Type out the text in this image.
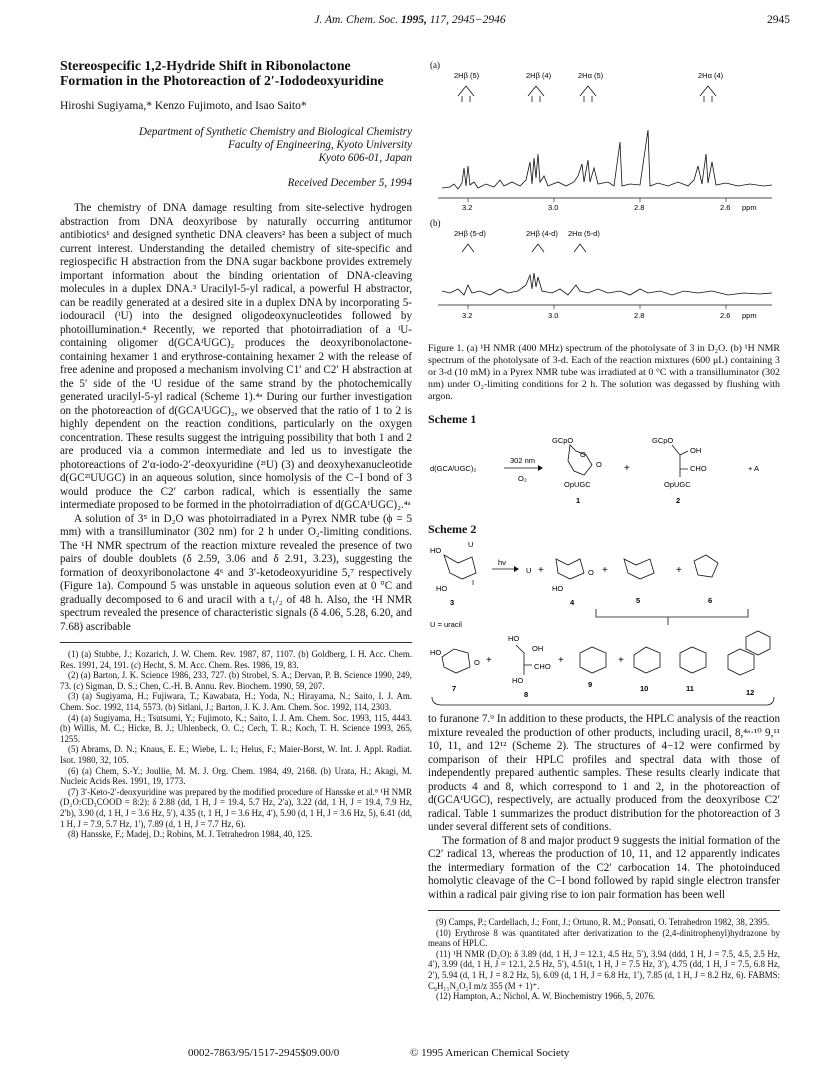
J. Am. Chem. Soc. 1995, 117, 2945−2946	2945
Stereospecific 1,2-Hydride Shift in Ribonolactone Formation in the Photoreaction of 2′-Iododeoxyuridine

Hiroshi Sugiyama,* Kenzo Fujimoto, and Isao Saito*

Department of Synthetic Chemistry and Biological Chemistry
Faculty of Engineering, Kyoto University
Kyoto 606-01, Japan

Received December 5, 1994

The chemistry of DNA damage resulting from site-selective hydrogen abstraction from DNA deoxyribose by naturally occurring antitumor antibiotics¹ and designed synthetic DNA cleavers² has been a subject of much current interest. Understanding the detailed chemistry of site-specific and regiospecific H abstraction from the DNA sugar backbone provides extremely important information about the binding orientation of DNA-cleaving molecules in a duplex DNA.³ Uracilyl-5-yl radical, a powerful H abstractor, can be readily generated at a desired site in a duplex DNA by incorporating 5-iodouracil (ᴵU) into the designed oligodeoxynucleotides followed by photoillumination.⁴ Recently, we reported that photoirradiation of a ᴵU-containing oligomer d(GCAᴵUGC)₂ produces the deoxyribonolactone-containing hexamer 1 and erythrose-containing hexamer 2 with the release of free adenine and proposed a mechanism involving C1′ and C2′ H abstraction at the 5′ side of the ᴵU residue of the same strand by the photochemically generated uracilyl-5-yl radical (Scheme 1).⁴ᵃ During our further investigation on the photoreaction of d(GCAᴵUGC)₂, we observed that the ratio of 1 to 2 is highly dependent on the reaction conditions, particularly on the oxygen concentration. These results suggest the intriguing possibility that both 1 and 2 are produced via a common intermediate and led us to investigate the photoreactions of 2′α-iodo-2′-deoxyuridine (²ᴵU) (3) and deoxyhexanucleotide d(GC²ᴵUUGC) in an aqueous solution, since homolysis of the C−I bond of 3 would produce the C2′ carbon radical, which is essentially the same intermediate proposed to be formed in the photoirradiation of d(GCAᴵUGC)₂.⁴ᵃ

A solution of 3⁵ in D₂O was photoirradiated in a Pyrex NMR tube (ϕ = 5 mm) with a transilluminator (302 nm) for 2 h under O₂-limiting conditions. The ¹H NMR spectrum of the reaction mixture revealed the presence of two pairs of double doublets (δ 2.59, 3.06 and δ 2.91, 3.23), suggesting the formation of deoxyribonolactone 4⁶ and 3′-ketodeoxyuridine 5,⁷ respectively (Figure 1a). Compound 5 was unstable in aqueous solution even at 0 °C and gradually decomposed to 6 and uracil with a t₁/₂ of 48 h. Also, the ¹H NMR spectrum revealed the presence of characteristic signals (δ 4.06, 5.28, 6.20, and 7.68) ascribable

(1) (a) Stubbe, J.; Kozarich, J. W. Chem. Rev. 1987, 87, 1107. (b) Goldberg, I. H. Acc. Chem. Res. 1991, 24, 191. (c) Hecht, S. M. Acc. Chem. Res. 1986, 19, 83.

(2) (a) Barton, J. K. Science 1986, 233, 727. (b) Strobel, S. A.; Dervan, P. B. Science 1990, 249, 73. (c) Sigman, D. S.; Chen, C.-H. B. Annu. Rev. Biochem. 1990, 59, 207.

(3) (a) Sugiyama, H.; Fujiwara, T.; Kawabata, H.; Yoda, N.; Hirayama, N.; Saito, I. J. Am. Chem. Soc. 1992, 114, 5573. (b) Sitlani, J.; Barton, J. K. J. Am. Chem. Soc. 1992, 114, 2303.

(4) (a) Sugiyama, H.; Tsutsumi, Y.; Fujimoto, K.; Saito, I. J. Am. Chem. Soc. 1993, 115, 4443. (b) Willis, M. C.; Hicke, B. J.; Uhlenbeck, O. C.; Cech, T. R.; Koch, T. H. Science 1993, 265, 1255.

(5) Abrams, D. N.; Knaus, E. E.; Wiebe, L. I.; Helus, F.; Maier-Borst, W. Int. J. Appl. Radiat. Isot. 1980, 32, 105.

(6) (a) Chem, S.-Y.; Joullie, M. M. J. Org. Chem. 1984, 49, 2168. (b) Urata, H.; Akagi, M. Nucleic Acids Res. 1991, 19, 1773.

(7) 3′-Keto-2′-deoxyuridine was prepared by the modified procedure of Hansske et al.⁸ ¹H NMR (D₂O:CD₃COOD = 8:2): δ 2.88 (dd, 1 H, J = 19.4, 5.7 Hz, 2′a), 3.22 (dd, 1 H, J = 19.4, 7.9 Hz, 2′b), 3.90 (d, 1 H, J = 3.6 Hz, 5′), 4.35 (t, 1 H, J = 3.6 Hz, 4′), 5.90 (d, 1 H, J = 3.6 Hz, 5), 6.41 (dd, 1 H, J = 7.9, 5.7 Hz, 1′), 7.89 (d, 1 H, J = 7.7 Hz, 6).

(8) Hansske, F.; Madej, D.; Robins, M. J. Tetrahedron 1984, 40, 125.

(a)
2Hβ (5)	2Hβ (4)	2Hα (5)	2Hα (4)
3.2	3.0	2.8	2.6 ppm
(b)
2Hβ (5-d)	2Hβ (4-d) 2Hα (5-d)

3.2	3.0	2.8	2.6 ppm

Figure 1. (a) ¹H NMR (400 MHz) spectrum of the photolysate of 3 in D₂O. (b) ¹H NMR spectrum of the photolysate of 3-d. Each of the reaction mixtures (600 μL) containing 3 or 3-d (10 mM) in a Pyrex NMR tube was irradiated at 0 °C with a transilluminator (302 nm) under O₂-limiting conditions for 2 h. The solution was degassed by flushing with argon.

Scheme 1
d(GCAᴵUGC)₂
302 nm
O₂
GCpO
O
O
OpUGC
1
+
GCpO
OH
CHO
OpUGC
2
+ A
Scheme 2
HO
U
I
HO
3
hν
U +	O
HO
4
+
5
+
6
U = uracil
HO
O
7
+
HO
OH
CHO
HO
8
+
9
+
10	11	12

to furanone 7.⁹ In addition to these products, the HPLC analysis of the reaction mixture revealed the production of other products, including uracil, 8,⁴ᵃ·¹⁰ 9,¹¹ 10, 11, and 12¹² (Scheme 2). The structures of 4−12 were confirmed by comparison of their HPLC profiles and spectral data with those of independently prepared authentic samples. These results clearly indicate that products 4 and 8, which correspond to 1 and 2, in the photoreaction of d(GCAᴵUGC), respectively, are actually produced from the deoxyribose C2′ radical. Table 1 summarizes the product distribution for the photoreaction of 3 under several different sets of conditions.

The formation of 8 and major product 9 suggests the initial formation of the C2′ radical 13, whereas the production of 10, 11, and 12 apparently indicates the intermediary formation of the C2′ carbocation 14. The photoinduced homolytic cleavage of the C−I bond followed by rapid single electron transfer within a radical pair giving rise to ion pair formation has been well

(9) Camps, P.; Cardellach, J.; Font, J.; Ortuno, R. M.; Ponsati, O. Tetrahedron 1982, 38, 2395.

(10) Erythrose 8 was quantitated after derivatization to the (2,4-dinitrophenyl)hydrazone by means of HPLC.

(11) ¹H NMR (D₂O): δ 3.89 (dd, 1 H, J = 12.1, 4.5 Hz, 5′), 3.94 (ddd, 1 H, J = 7.5, 4.5, 2.5 Hz, 4′), 3.99 (dd, 1 H, J = 12.1, 2.5 Hz, 5′), 4.51(t, 1 H, J = 7.5 Hz, 3′), 4.75 (dd, 1 H, J = 7.5, 6.8 Hz, 2′), 5.94 (d, 1 H, J = 8.2 Hz, 5), 6.09 (d, 1 H, J = 6.8 Hz, 1′), 7.85 (d, 1 H, J = 8.2 Hz, 6). FABMS: C₉H₁₁N₂O₅I m/z 355 (M + 1)⁺.

(12) Hampton, A.; Nichol, A. W. Biochemistry 1966, 5, 2076.

0002-7863/95/1517-2945$09.00/0	© 1995 American Chemical Society
